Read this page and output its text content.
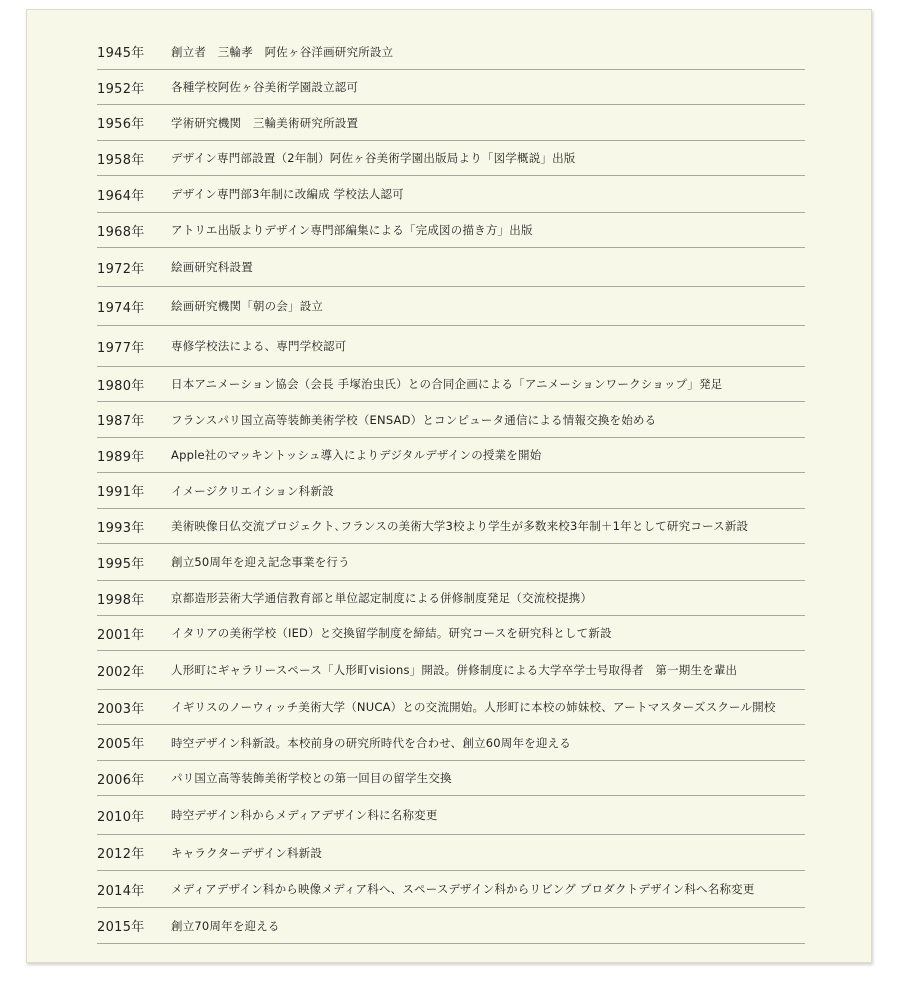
1945年	創立者　三輪孝　阿佐ヶ谷洋画研究所設立
1952年	各種学校阿佐ヶ谷美術学園設立認可
1956年	学術研究機関　三輪美術研究所設置
1958年	デザイン専門部設置（2年制）阿佐ヶ谷美術学園出版局より「図学概説」出版
1964年	デザイン専門部3年制に改編成 学校法人認可
1968年	アトリエ出版よりデザイン専門部編集による「完成図の描き方」出版
1972年	絵画研究科設置
1974年	絵画研究機関「朝の会」設立
1977年	専修学校法による、専門学校認可
1980年	日本アニメーション協会（会長 手塚治虫氏）との合同企画による「アニメーションワークショップ」発足
1987年	フランスパリ国立高等装飾美術学校（ENSAD）とコンピュータ通信による情報交換を始める
1989年	Apple社のマッキントッシュ導入によりデジタルデザインの授業を開始
1991年	イメージクリエイション科新設
1993年	美術映像日仏交流プロジェクト､フランスの美術大学3校より学生が多数来校3年制＋1年として研究コース新設
1995年	創立50周年を迎え記念事業を行う
1998年	京都造形芸術大学通信教育部と単位認定制度による併修制度発足（交流校提携）
2001年	イタリアの美術学校（IED）と交換留学制度を締結。研究コースを研究科として新設
2002年	人形町にギャラリースペース「人形町visions」開設。併修制度による大学卒学士号取得者　第一期生を輩出
2003年	イギリスのノーウィッチ美術大学（NUCA）との交流開始。人形町に本校の姉妹校、アートマスターズスクール開校
2005年	時空デザイン科新設。本校前身の研究所時代を合わせ、創立60周年を迎える
2006年	パリ国立高等装飾美術学校との第一回目の留学生交換
2010年	時空デザイン科からメディアデザイン科に名称変更
2012年	キャラクターデザイン科新設
2014年	メディアデザイン科から映像メディア科へ、スペースデザイン科からリビング プロダクトデザイン科へ名称変更
2015年	創立70周年を迎える
